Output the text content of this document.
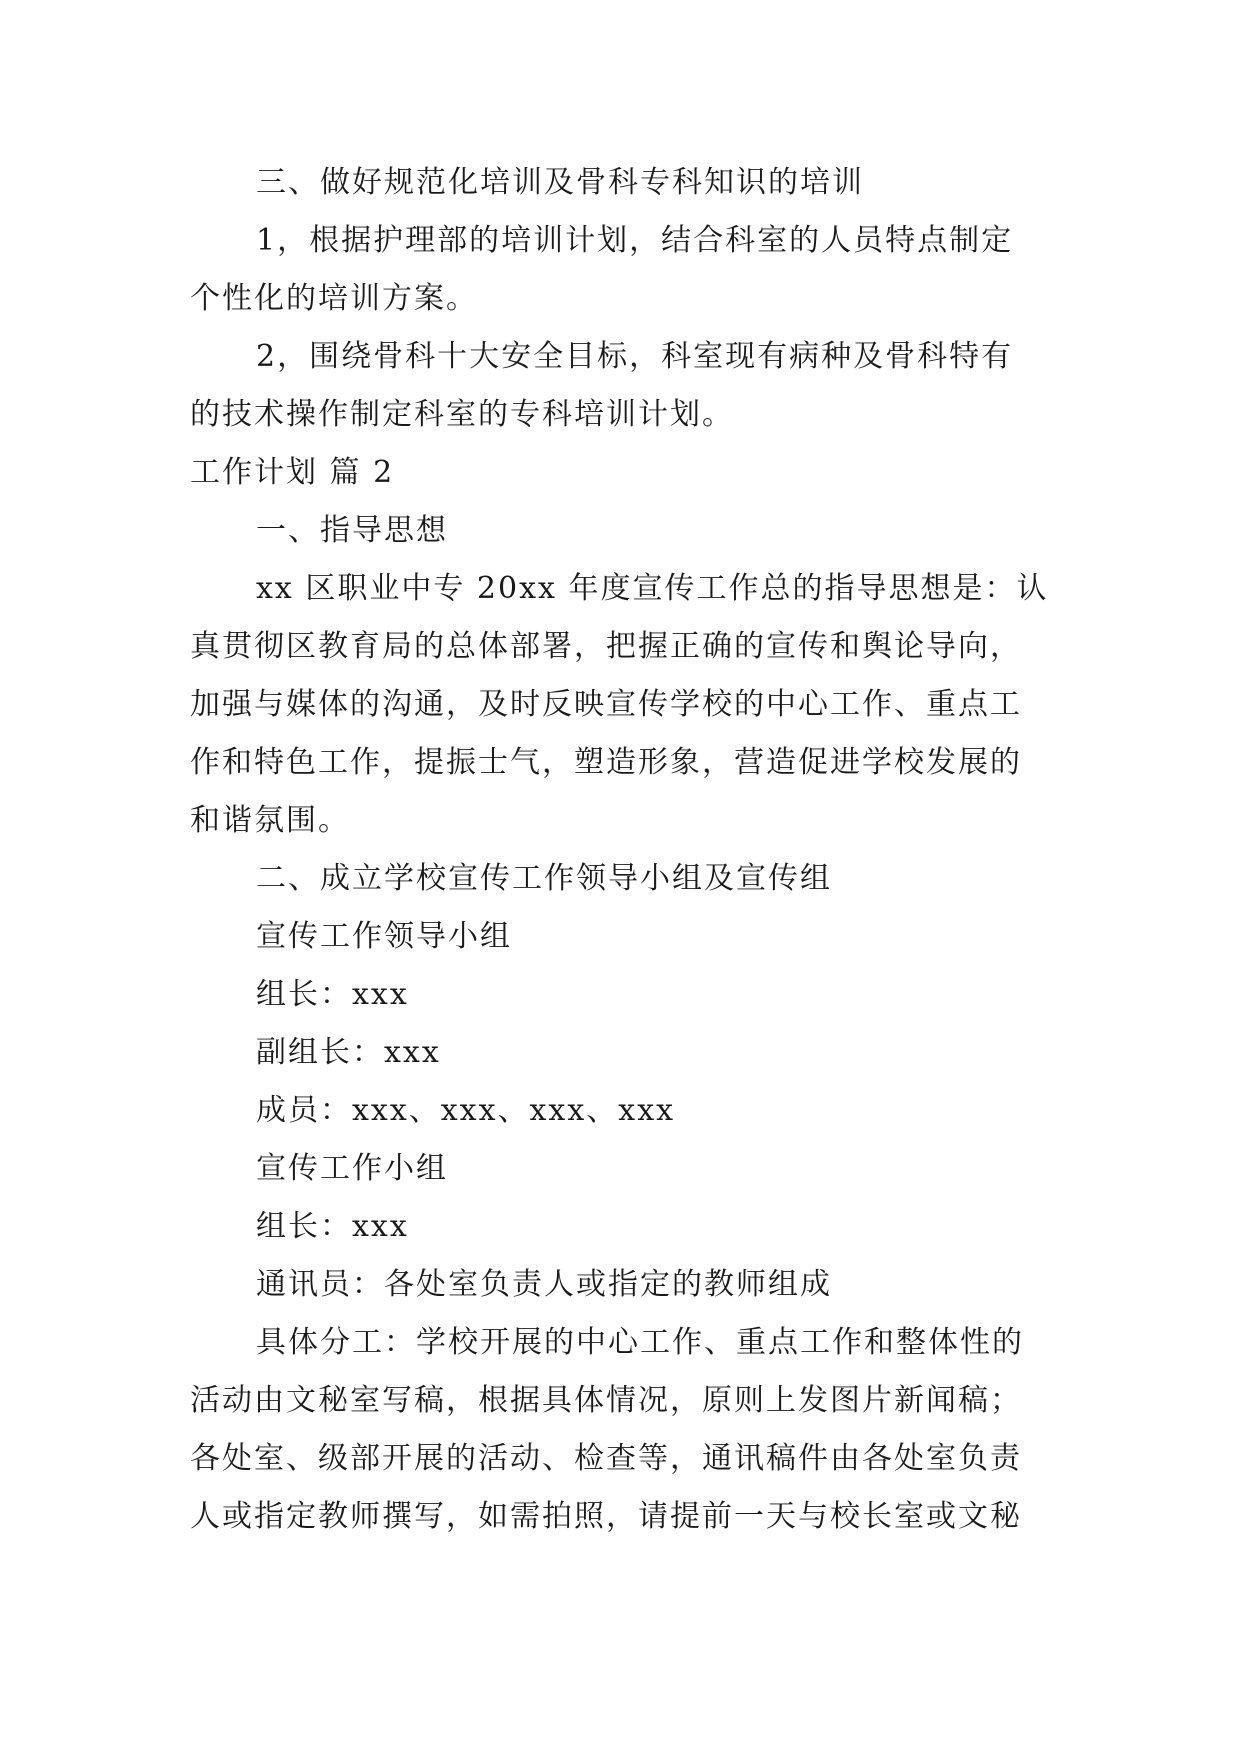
三、做好规范化培训及骨科专科知识的培训

1，根据护理部的培训计划，结合科室的人员特点制定

个性化的培训方案。

2，围绕骨科十大安全目标，科室现有病种及骨科特有

的技术操作制定科室的专科培训计划。

工作计划 篇 2

一、指导思想

xx 区职业中专 20xx 年度宣传工作总的指导思想是：认

真贯彻区教育局的总体部署，把握正确的宣传和舆论导向，

加强与媒体的沟通，及时反映宣传学校的中心工作、重点工

作和特色工作，提振士气，塑造形象，营造促进学校发展的

和谐氛围。

二、成立学校宣传工作领导小组及宣传组

宣传工作领导小组

组长：xxx

副组长：xxx

成员：xxx、xxx、xxx、xxx

宣传工作小组

组长：xxx

通讯员：各处室负责人或指定的教师组成

具体分工：学校开展的中心工作、重点工作和整体性的

活动由文秘室写稿，根据具体情况，原则上发图片新闻稿；

各处室、级部开展的活动、检查等，通讯稿件由各处室负责

人或指定教师撰写，如需拍照，请提前一天与校长室或文秘
